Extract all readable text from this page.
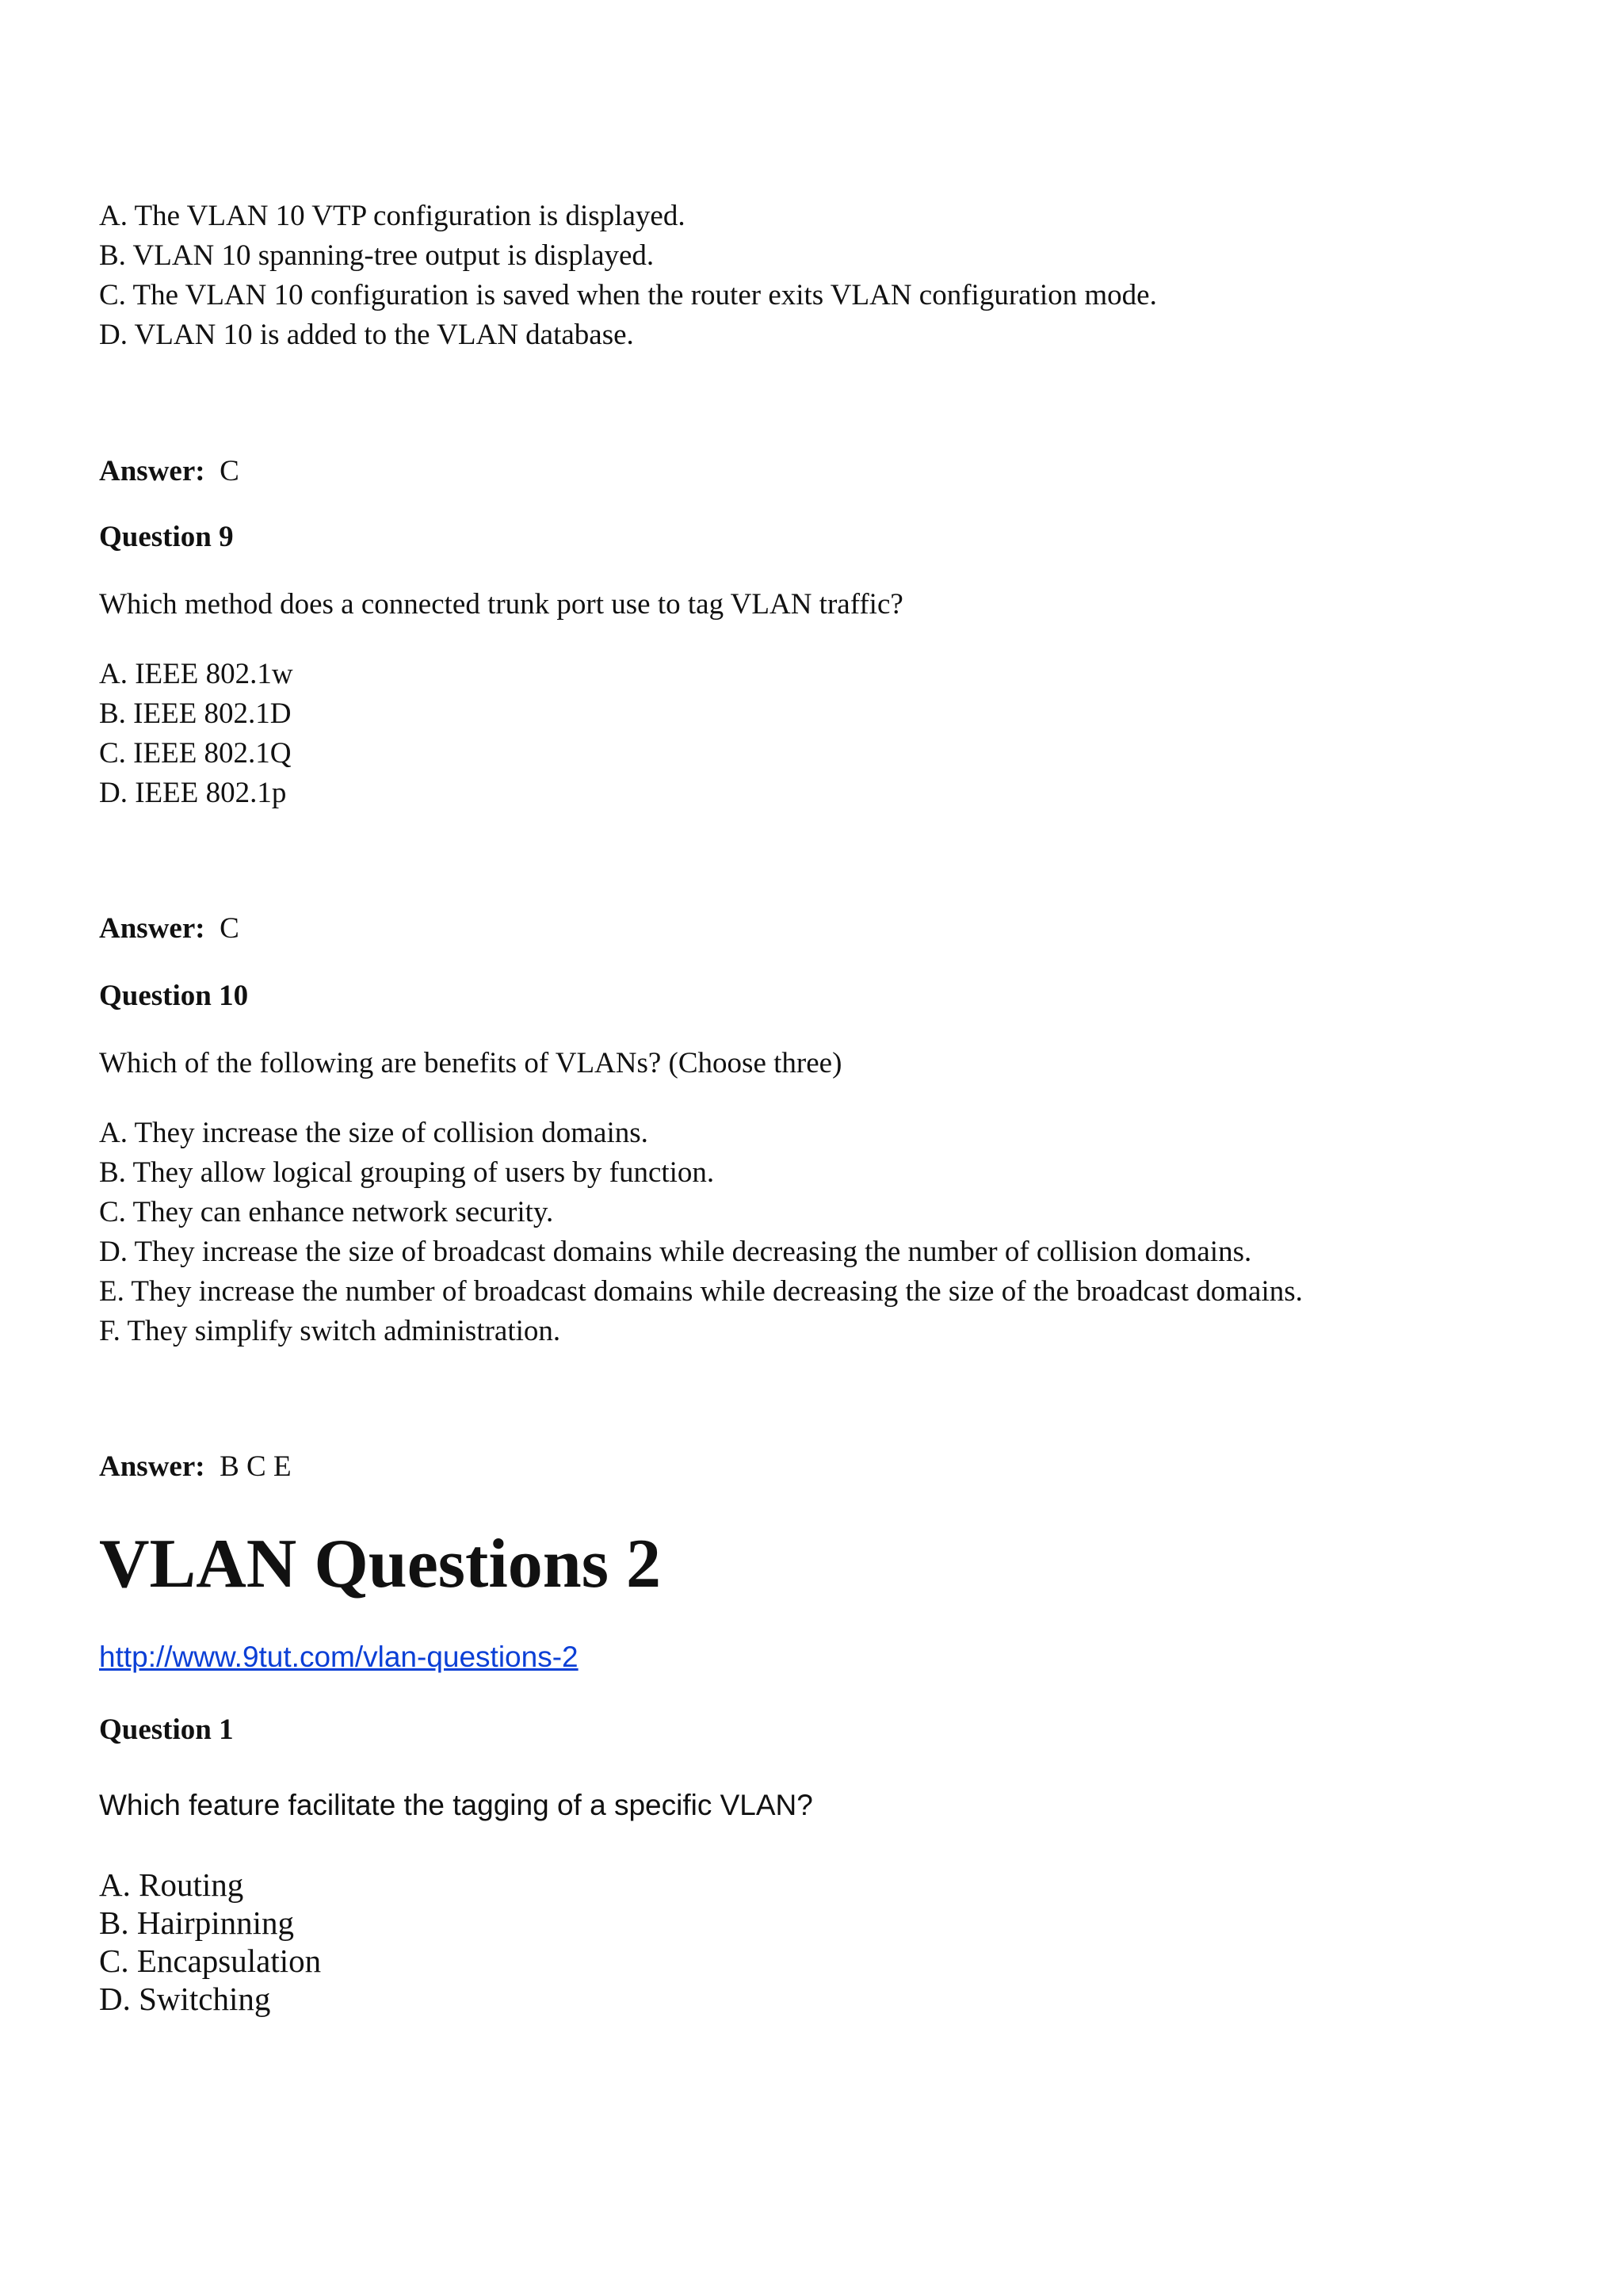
A. The VLAN 10 VTP configuration is displayed.
B. VLAN 10 spanning-tree output is displayed.
C. The VLAN 10 configuration is saved when the router exits VLAN configuration mode.
D. VLAN 10 is added to the VLAN database.
Answer: C
Question 9
Which method does a connected trunk port use to tag VLAN traffic?
A. IEEE 802.1w
B. IEEE 802.1D
C. IEEE 802.1Q
D. IEEE 802.1p
Answer: C
Question 10
Which of the following are benefits of VLANs? (Choose three)
A. They increase the size of collision domains.
B. They allow logical grouping of users by function.
C. They can enhance network security.
D. They increase the size of broadcast domains while decreasing the number of collision domains.
E. They increase the number of broadcast domains while decreasing the size of the broadcast domains.
F. They simplify switch administration.
Answer: B C E
VLAN Questions 2
http://www.9tut.com/vlan-questions-2
Question 1
Which feature facilitate the tagging of a specific VLAN?
A. Routing
B. Hairpinning
C. Encapsulation
D. Switching
